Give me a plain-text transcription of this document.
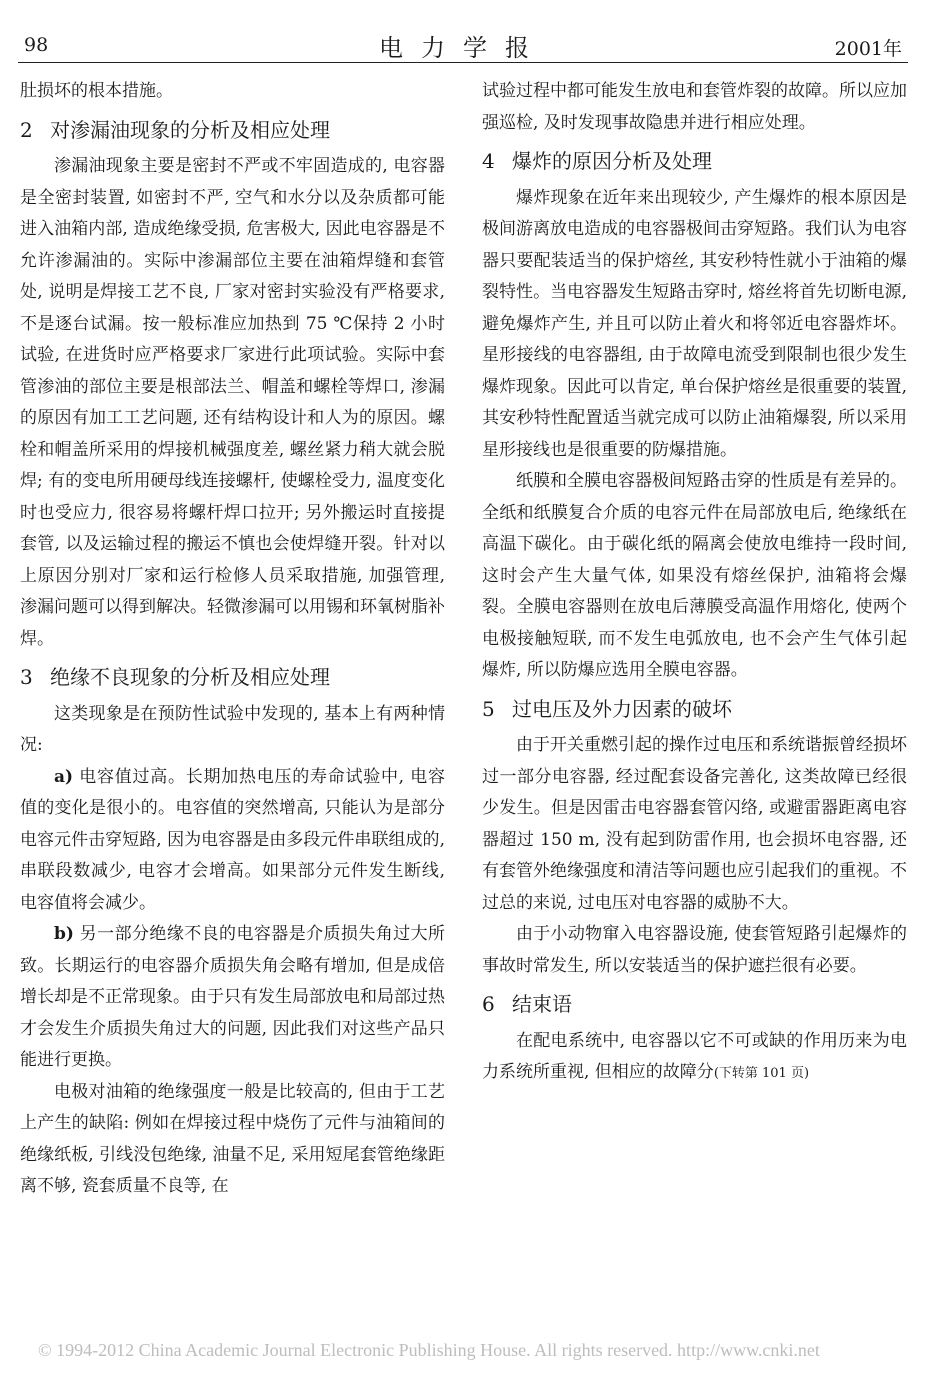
98	电力学报	2001年

肚损坏的根本措施。

2 对渗漏油现象的分析及相应处理

渗漏油现象主要是密封不严或不牢固造成的, 电容器是全密封装置, 如密封不严, 空气和水分以及杂质都可能进入油箱内部, 造成绝缘受损, 危害极大, 因此电容器是不允许渗漏油的。实际中渗漏部位主要在油箱焊缝和套管处, 说明是焊接工艺不良, 厂家对密封实验没有严格要求, 不是逐台试漏。按一般标准应加热到 75 ℃保持 2 小时试验, 在进货时应严格要求厂家进行此项试验。实际中套管渗油的部位主要是根部法兰、帽盖和螺栓等焊口, 渗漏的原因有加工工艺问题, 还有结构设计和人为的原因。螺栓和帽盖所采用的焊接机械强度差, 螺丝紧力稍大就会脱焊; 有的变电所用硬母线连接螺杆, 使螺栓受力, 温度变化时也受应力, 很容易将螺杆焊口拉开; 另外搬运时直接提套管, 以及运输过程的搬运不慎也会使焊缝开裂。针对以上原因分别对厂家和运行检修人员采取措施, 加强管理, 渗漏问题可以得到解决。轻微渗漏可以用锡和环氧树脂补焊。

3 绝缘不良现象的分析及相应处理

这类现象是在预防性试验中发现的, 基本上有两种情况:

a) 电容值过高。长期加热电压的寿命试验中, 电容值的变化是很小的。电容值的突然增高, 只能认为是部分电容元件击穿短路, 因为电容器是由多段元件串联组成的, 串联段数减少, 电容才会增高。如果部分元件发生断线, 电容值将会减少。

b) 另一部分绝缘不良的电容器是介质损失角过大所致。长期运行的电容器介质损失角会略有增加, 但是成倍增长却是不正常现象。由于只有发生局部放电和局部过热才会发生介质损失角过大的问题, 因此我们对这些产品只能进行更换。

电极对油箱的绝缘强度一般是比较高的, 但由于工艺上产生的缺陷: 例如在焊接过程中烧伤了元件与油箱间的绝缘纸板, 引线没包绝缘, 油量不足, 采用短尾套管绝缘距离不够, 瓷套质量不良等, 在

试验过程中都可能发生放电和套管炸裂的故障。所以应加强巡检, 及时发现事故隐患并进行相应处理。

4 爆炸的原因分析及处理

爆炸现象在近年来出现较少, 产生爆炸的根本原因是极间游离放电造成的电容器极间击穿短路。我们认为电容器只要配装适当的保护熔丝, 其安秒特性就小于油箱的爆裂特性。当电容器发生短路击穿时, 熔丝将首先切断电源, 避免爆炸产生, 并且可以防止着火和将邻近电容器炸坏。星形接线的电容器组, 由于故障电流受到限制也很少发生爆炸现象。因此可以肯定, 单台保护熔丝是很重要的装置, 其安秒特性配置适当就完成可以防止油箱爆裂, 所以采用星形接线也是很重要的防爆措施。

纸膜和全膜电容器极间短路击穿的性质是有差异的。全纸和纸膜复合介质的电容元件在局部放电后, 绝缘纸在高温下碳化。由于碳化纸的隔离会使放电维持一段时间, 这时会产生大量气体, 如果没有熔丝保护, 油箱将会爆裂。全膜电容器则在放电后薄膜受高温作用熔化, 使两个电极接触短联, 而不发生电弧放电, 也不会产生气体引起爆炸, 所以防爆应选用全膜电容器。

5 过电压及外力因素的破坏

由于开关重燃引起的操作过电压和系统谐振曾经损坏过一部分电容器, 经过配套设备完善化, 这类故障已经很少发生。但是因雷击电容器套管闪络, 或避雷器距离电容器超过 150 m, 没有起到防雷作用, 也会损坏电容器, 还有套管外绝缘强度和清洁等问题也应引起我们的重视。不过总的来说, 过电压对电容器的威胁不大。

由于小动物窜入电容器设施, 使套管短路引起爆炸的事故时常发生, 所以安装适当的保护遮拦很有必要。

6 结束语

在配电系统中, 电容器以它不可或缺的作用历来为电力系统所重视, 但相应的故障分(下转第 101 页)

© 1994-2012 China Academic Journal Electronic Publishing House. All rights reserved. http://www.cnki.net
